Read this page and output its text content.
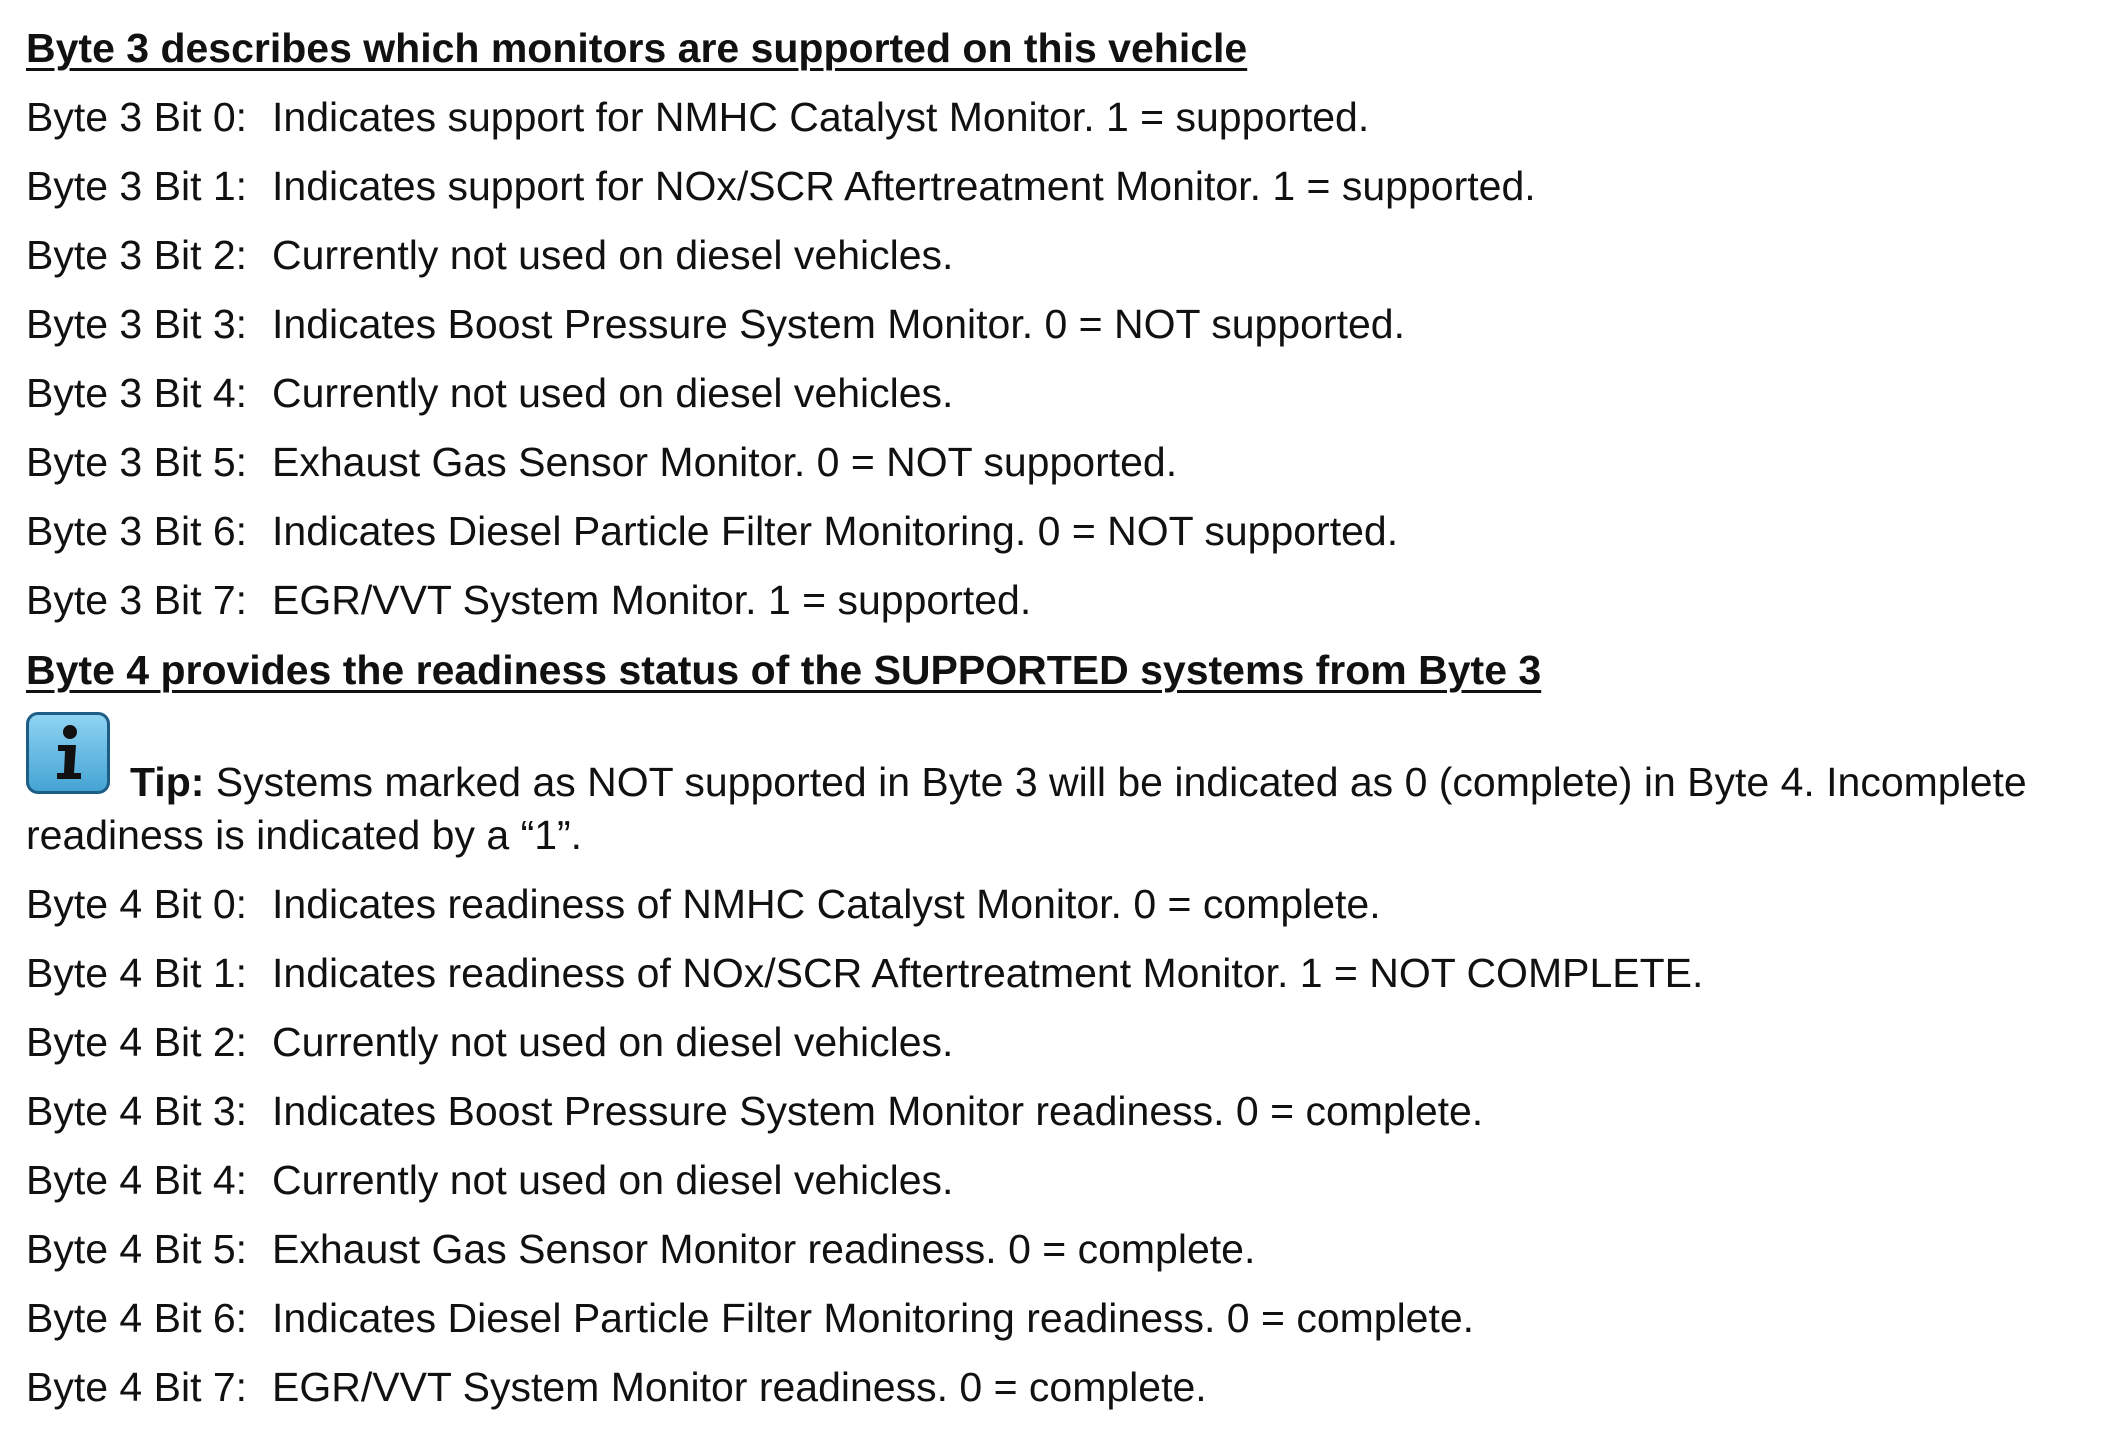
Byte 3 describes which monitors are supported on this vehicle
Byte 3 Bit 0: Indicates support for NMHC Catalyst Monitor. 1 = supported.
Byte 3 Bit 1: Indicates support for NOx/SCR Aftertreatment Monitor. 1 = supported.
Byte 3 Bit 2: Currently not used on diesel vehicles.
Byte 3 Bit 3: Indicates Boost Pressure System Monitor. 0 = NOT supported.
Byte 3 Bit 4: Currently not used on diesel vehicles.
Byte 3 Bit 5: Exhaust Gas Sensor Monitor. 0 = NOT supported.
Byte 3 Bit 6: Indicates Diesel Particle Filter Monitoring. 0 = NOT supported.
Byte 3 Bit 7: EGR/VVT System Monitor. 1 = supported.
Byte 4 provides the readiness status of the SUPPORTED systems from Byte 3
Tip: Systems marked as NOT supported in Byte 3 will be indicated as 0 (complete) in Byte 4. Incomplete
readiness is indicated by a “1”.
Byte 4 Bit 0: Indicates readiness of NMHC Catalyst Monitor. 0 = complete.
Byte 4 Bit 1: Indicates readiness of NOx/SCR Aftertreatment Monitor. 1 = NOT COMPLETE.
Byte 4 Bit 2: Currently not used on diesel vehicles.
Byte 4 Bit 3: Indicates Boost Pressure System Monitor readiness. 0 = complete.
Byte 4 Bit 4: Currently not used on diesel vehicles.
Byte 4 Bit 5: Exhaust Gas Sensor Monitor readiness. 0 = complete.
Byte 4 Bit 6: Indicates Diesel Particle Filter Monitoring readiness. 0 = complete.
Byte 4 Bit 7: EGR/VVT System Monitor readiness. 0 = complete.
